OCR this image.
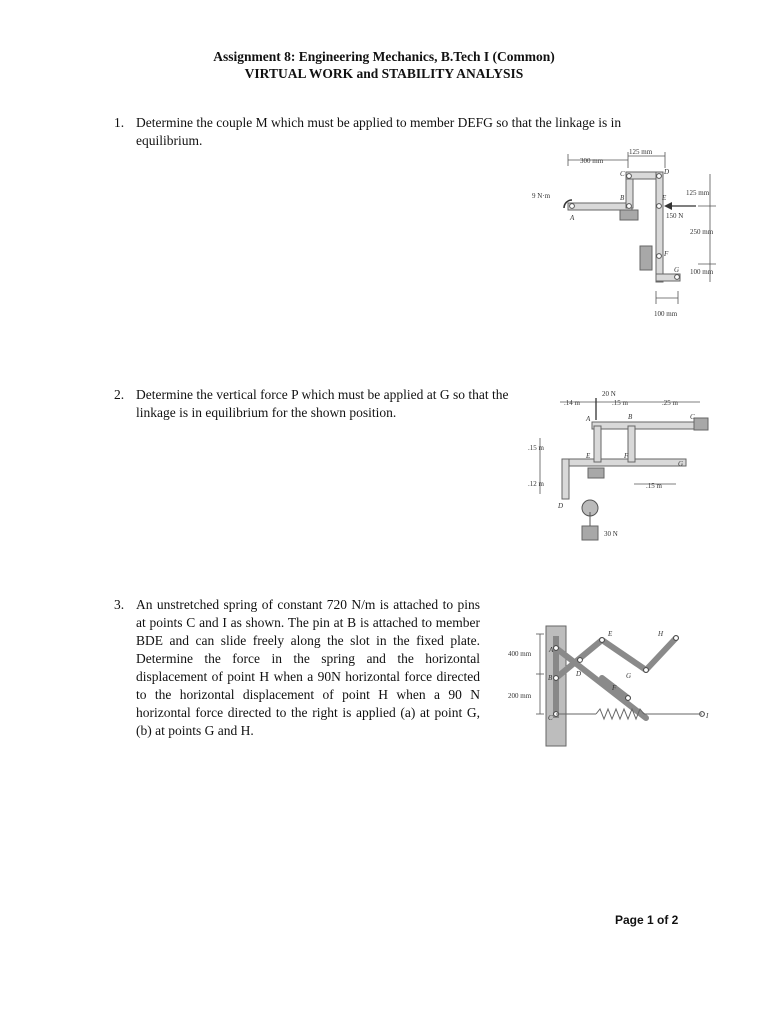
Assignment 8: Engineering Mechanics, B.Tech I (Common)
VIRTUAL WORK and STABILITY ANALYSIS
1. Determine the couple M which must be applied to member DEFG so that the linkage is in equilibrium.
300 mm
125 mm
125 mm
250 mm
100 mm
100 mm
9 N·m
150 N
A
B
C	D
E
F
G
2. Determine the vertical force P which must be applied at G so that the linkage is in equilibrium for the shown position.
20 N
.14 m	.15 m	.25 m
.15 m
.12 m	.15 m
30 N
A	B	C
D
E	F
G
3. An unstretched spring of constant 720 N/m is attached to pins at points C and I as shown. The pin at B is attached to member BDE and can slide freely along the slot in the fixed plate. Determine the force in the spring and the horizontal displacement of point H when a 90N horizontal force directed to the horizontal displacement of point H when a 90 N horizontal force directed to the right is applied (a) at point G, (b) at points G and H.
400 mm
200 mm
A
B
C
D
E
F
G
H
I
Page 1 of 2
